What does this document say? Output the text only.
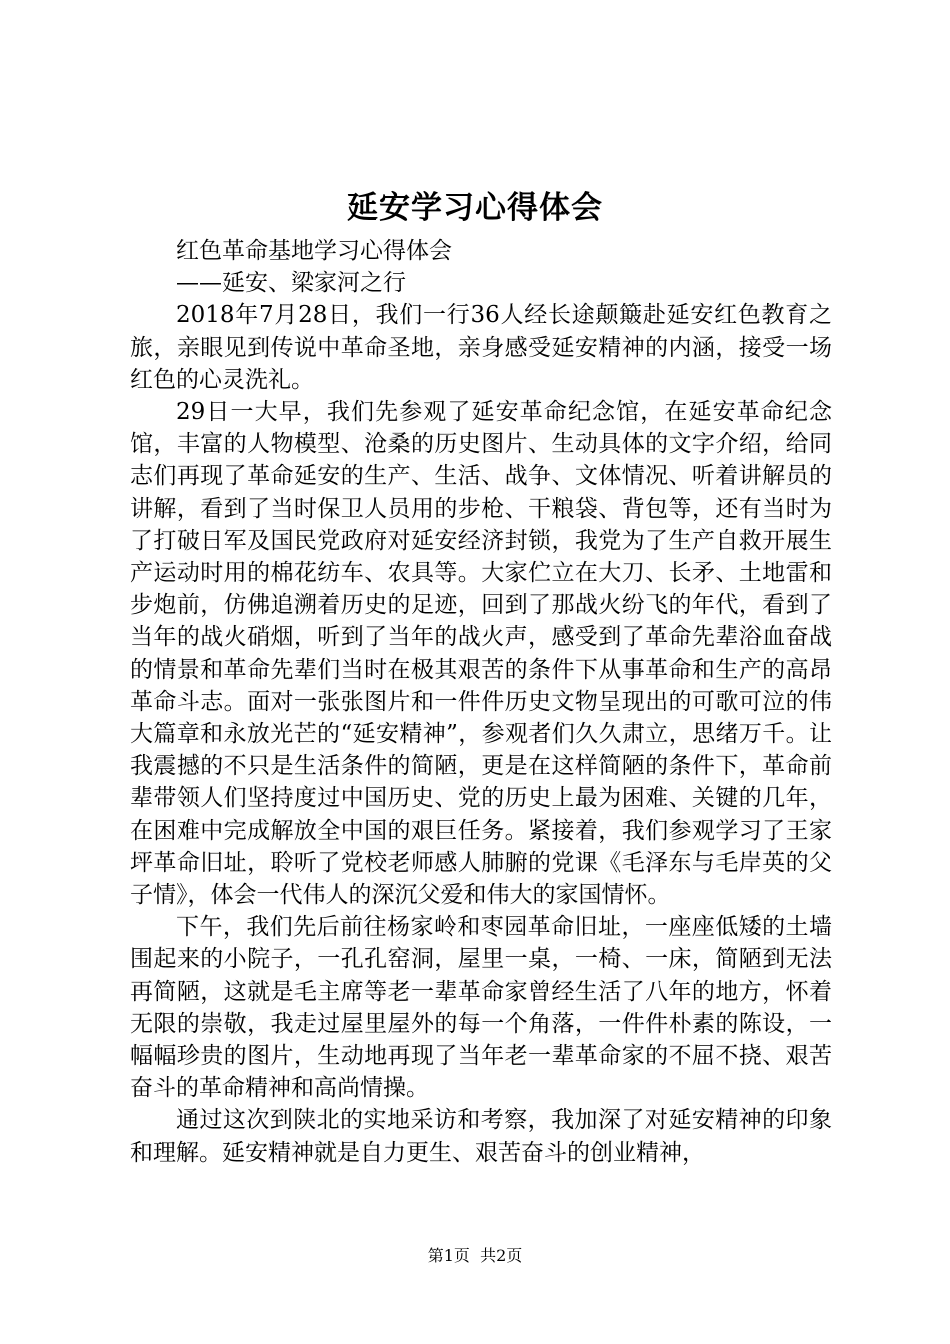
延安学习心得体会

红色革命基地学习心得体会

——延安、梁家河之行

2018年7月28日，我们一行36人经长途颠簸赴延安红色教育之旅，亲眼见到传说中革命圣地，亲身感受延安精神的内涵，接受一场红色的心灵洗礼。

29日一大早，我们先参观了延安革命纪念馆，在延安革命纪念馆，丰富的人物模型、沧桑的历史图片、生动具体的文字介绍，给同志们再现了革命延安的生产、生活、战争、文体情况、听着讲解员的讲解，看到了当时保卫人员用的步枪、干粮袋、背包等，还有当时为了打破日军及国民党政府对延安经济封锁，我党为了生产自救开展生产运动时用的棉花纺车、农具等。大家伫立在大刀、长矛、土地雷和步炮前，仿佛追溯着历史的足迹，回到了那战火纷飞的年代，看到了当年的战火硝烟，听到了当年的战火声，感受到了革命先辈浴血奋战的情景和革命先辈们当时在极其艰苦的条件下从事革命和生产的高昂革命斗志。面对一张张图片和一件件历史文物呈现出的可歌可泣的伟大篇章和永放光芒的“延安精神”，参观者们久久肃立，思绪万千。让我震撼的不只是生活条件的简陋，更是在这样简陋的条件下，革命前辈带领人们坚持度过中国历史、党的历史上最为困难、关键的几年，在困难中完成解放全中国的艰巨任务。紧接着，我们参观学习了王家坪革命旧址，聆听了党校老师感人肺腑的党课《毛泽东与毛岸英的父子情》，体会一代伟人的深沉父爱和伟大的家国情怀。

下午，我们先后前往杨家岭和枣园革命旧址，一座座低矮的土墙围起来的小院子，一孔孔窑洞，屋里一桌，一椅、一床，简陋到无法再简陋，这就是毛主席等老一辈革命家曾经生活了八年的地方，怀着无限的崇敬，我走过屋里屋外的每一个角落，一件件朴素的陈设，一幅幅珍贵的图片，生动地再现了当年老一辈革命家的不屈不挠、艰苦奋斗的革命精神和高尚情操。

通过这次到陕北的实地采访和考察，我加深了对延安精神的印象和理解。延安精神就是自力更生、艰苦奋斗的创业精神，

第1页  共2页
